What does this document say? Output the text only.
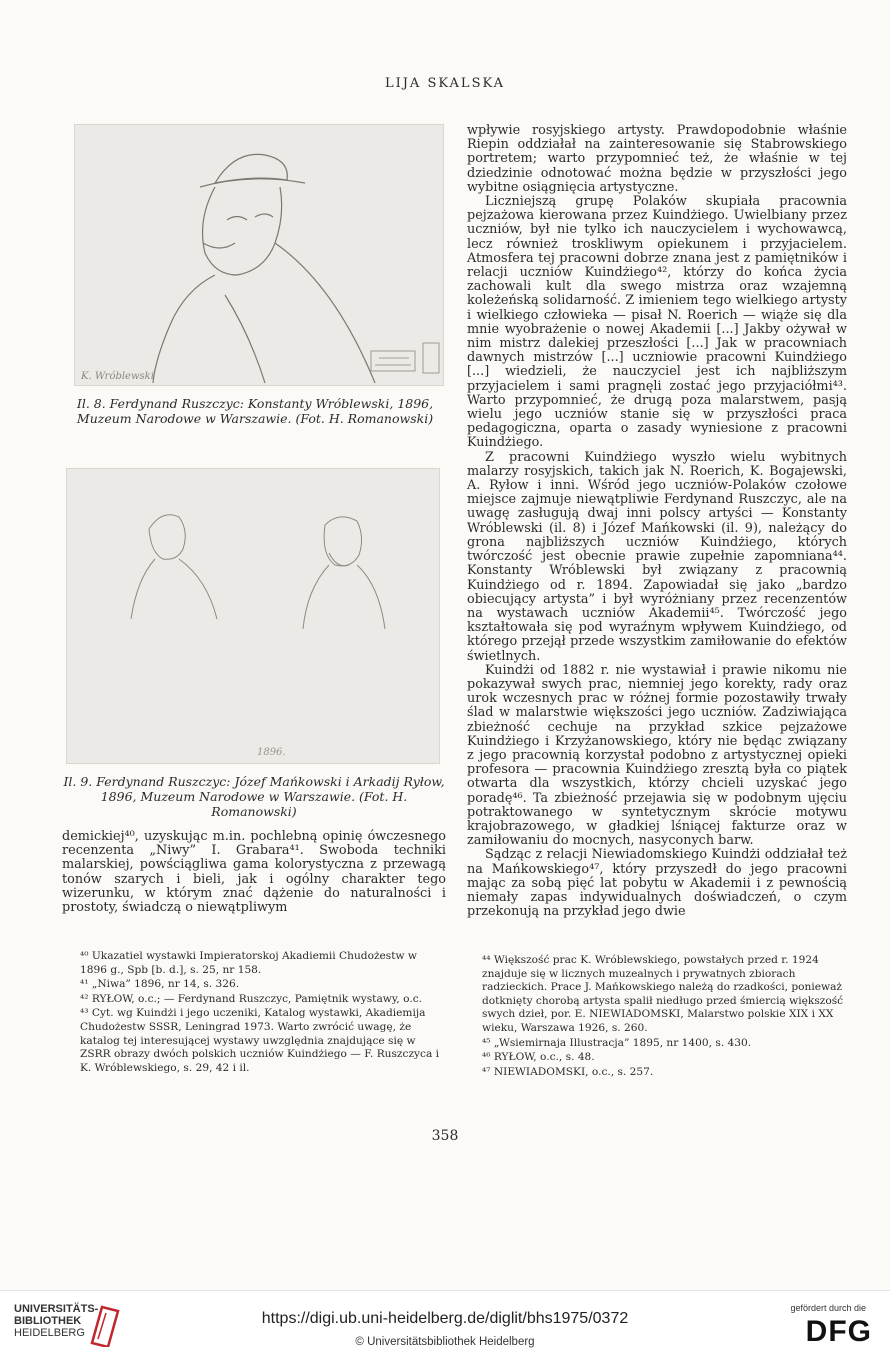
LIJA SKALSKA
K. Wróblewski
Il. 8. Ferdynand Ruszczyc: Konstanty Wróblewski, 1896, Muzeum Narodowe w Warszawie. (Fot. H. Romanowski)
1896.
Il. 9. Ferdynand Ruszczyc: Józef Mańkowski i Arkadij Ryłow, 1896, Muzeum Narodowe w Warszawie. (Fot. H. Romanowski)

demickiej⁴⁰, uzyskując m.in. pochlebną opinię ówczesnego recenzenta „Niwy” I. Grabara⁴¹. Swoboda techniki malarskiej, powściągliwa gama kolorystyczna z przewagą tonów szarych i bieli, jak i ogólny charakter tego wizerunku, w którym znać dążenie do naturalności i prostoty, świadczą o niewątpliwym

wpływie rosyjskiego artysty. Prawdopodobnie właśnie Riepin oddziałał na zainteresowanie się Stabrowskiego portretem; warto przypomnieć też, że właśnie w tej dziedzinie odnotować można będzie w przyszłości jego wybitne osiągnięcia artystyczne.

Liczniejszą grupę Polaków skupiała pracownia pejzażowa kierowana przez Kuindżiego. Uwielbiany przez uczniów, był nie tylko ich nauczycielem i wychowawcą, lecz również troskliwym opiekunem i przyjacielem. Atmosfera tej pracowni dobrze znana jest z pamiętników i relacji uczniów Kuindżiego⁴², którzy do końca życia zachowali kult dla swego mistrza oraz wzajemną koleżeńską solidarność. Z imieniem tego wielkiego artysty i wielkiego człowieka — pisał N. Roerich — wiąże się dla mnie wyobrażenie o nowej Akademii [...] Jakby ożywał w nim mistrz dalekiej przeszłości [...] Jak w pracowniach dawnych mistrzów [...] uczniowie pracowni Kuindżiego [...] wiedzieli, że nauczyciel jest ich najbliższym przyjacielem i sami pragnęli zostać jego przyjaciółmi⁴³. Warto przypomnieć, że drugą poza malarstwem, pasją wielu jego uczniów stanie się w przyszłości praca pedagogiczna, oparta o zasady wyniesione z pracowni Kuindżiego.

Z pracowni Kuindżiego wyszło wielu wybitnych malarzy rosyjskich, takich jak N. Roerich, K. Bogajewski, A. Ryłow i inni. Wśród jego uczniów-Polaków czołowe miejsce zajmuje niewątpliwie Ferdynand Ruszczyc, ale na uwagę zasługują dwaj inni polscy artyści — Konstanty Wróblewski (il. 8) i Józef Mańkowski (il. 9), należący do grona najbliższych uczniów Kuindżiego, których twórczość jest obecnie prawie zupełnie zapomniana⁴⁴. Konstanty Wróblewski był związany z pracownią Kuindżiego od r. 1894. Zapowiadał się jako „bardzo obiecujący artysta” i był wyróżniany przez recenzentów na wystawach uczniów Akademii⁴⁵. Twórczość jego kształtowała się pod wyraźnym wpływem Kuindżiego, od którego przejął przede wszystkim zamiłowanie do efektów świetlnych.

Kuindżi od 1882 r. nie wystawiał i prawie nikomu nie pokazywał swych prac, niemniej jego korekty, rady oraz urok wczesnych prac w różnej formie pozostawiły trwały ślad w malarstwie większości jego uczniów. Zadziwiająca zbieżność cechuje na przykład szkice pejzażowe Kuindżiego i Krzyżanowskiego, który nie będąc związany z jego pracownią korzystał podobno z artystycznej opieki profesora — pracownia Kuindżiego zresztą była co piątek otwarta dla wszystkich, którzy chcieli uzyskać jego poradę⁴⁶. Ta zbieżność przejawia się w podobnym ujęciu potraktowanego w syntetycznym skrócie motywu krajobrazowego, w gładkiej lśniącej fakturze oraz w zamiłowaniu do mocnych, nasyconych barw.

Sądząc z relacji Niewiadomskiego Kuindżi oddziałał też na Mańkowskiego⁴⁷, który przyszedł do jego pracowni mając za sobą pięć lat pobytu w Akademii i z pewnością niemały zapas indywidualnych doświadczeń, o czym przekonują na przykład jego dwie

⁴⁰ Ukazatiel wystawki Impieratorskoj Akadiemii Chudożestw w 1896 g., Spb [b. d.], s. 25, nr 158.

⁴¹ „Niwa” 1896, nr 14, s. 326.

⁴² RYŁOW, o.c.; — Ferdynand Ruszczyc, Pamiętnik wystawy, o.c.

⁴³ Cyt. wg Kuindżi i jego uczeniki, Katalog wystawki, Akadiemija Chudożestw SSSR, Leningrad 1973. Warto zwrócić uwagę, że katalog tej interesującej wystawy uwzględnia znajdujące się w ZSRR obrazy dwóch polskich uczniów Kuindżiego — F. Ruszczyca i K. Wróblewskiego, s. 29, 42 i il.

⁴⁴ Większość prac K. Wróblewskiego, powstałych przed r. 1924 znajduje się w licznych muzealnych i prywatnych zbiorach radzieckich. Prace J. Mańkowskiego należą do rzadkości, ponieważ dotknięty chorobą artysta spalił niedługo przed śmiercią większość swych dzieł, por. E. NIEWIADOMSKI, Malarstwo polskie XIX i XX wieku, Warszawa 1926, s. 260.

⁴⁵ „Wsiemirnaja Illustracja” 1895, nr 1400, s. 430.

⁴⁶ RYŁOW, o.c., s. 48.

⁴⁷ NIEWIADOMSKI, o.c., s. 257.

358
UNIVERSITÄTS-
BIBLIOTHEK
HEIDELBERG
https://digi.ub.uni-heidelberg.de/diglit/bhs1975/0372
© Universitätsbibliothek Heidelberg
gefördert durch die
DFG
